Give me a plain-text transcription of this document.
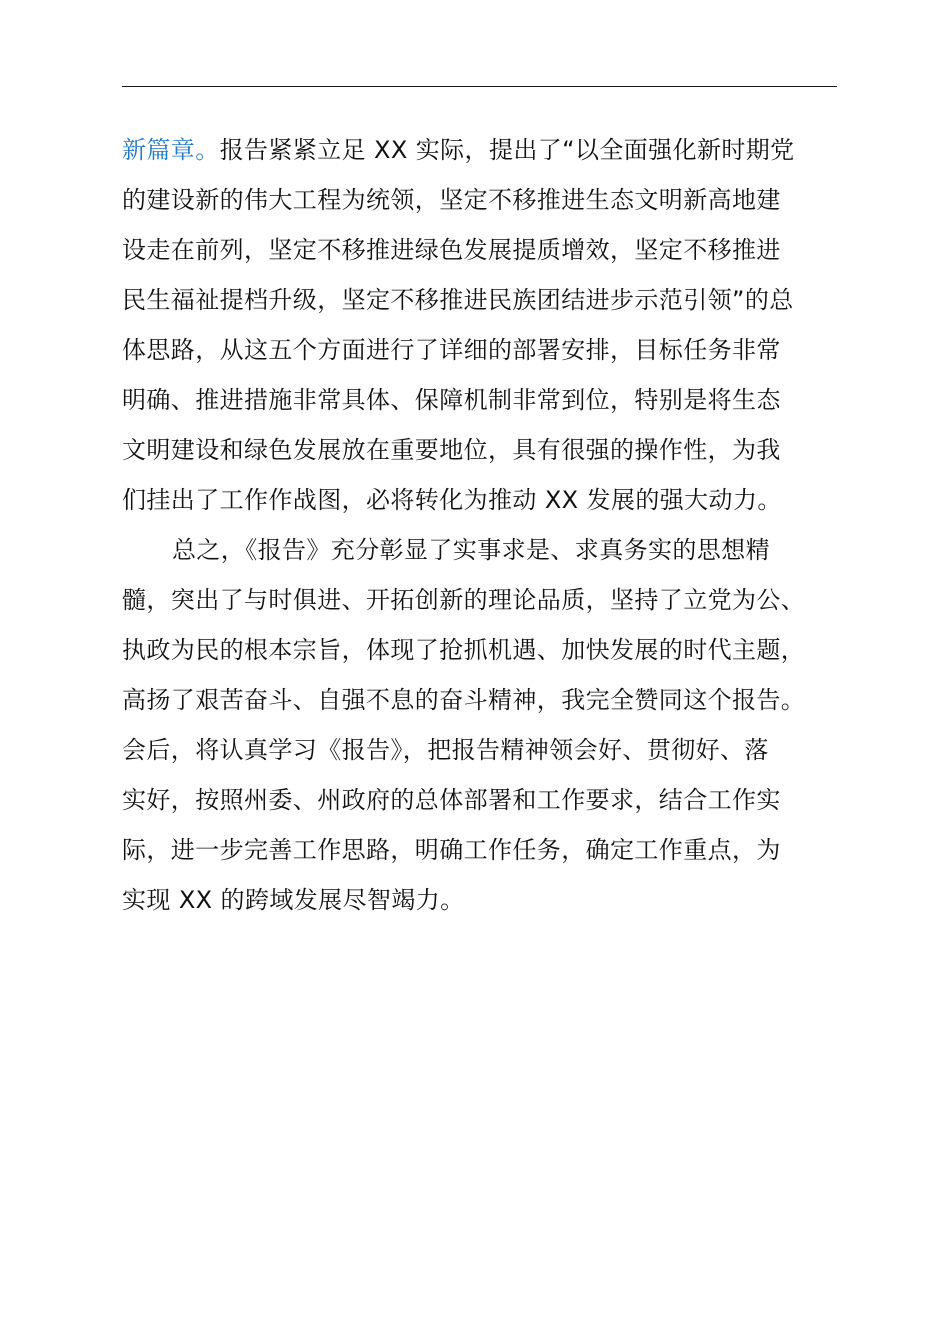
新篇章。报告紧紧立足 XX 实际，提出了“以全面强化新时期党
的建设新的伟大工程为统领，坚定不移推进生态文明新高地建
设走在前列，坚定不移推进绿色发展提质增效，坚定不移推进
民生福祉提档升级，坚定不移推进民族团结进步示范引领”的总
体思路，从这五个方面进行了详细的部署安排，目标任务非常
明确、推进措施非常具体、保障机制非常到位，特别是将生态
文明建设和绿色发展放在重要地位，具有很强的操作性，为我
们挂出了工作作战图，必将转化为推动 XX 发展的强大动力。
总之，《报告》充分彰显了实事求是、求真务实的思想精
髓，突出了与时俱进、开拓创新的理论品质，坚持了立党为公、
执政为民的根本宗旨，体现了抢抓机遇、加快发展的时代主题，
高扬了艰苦奋斗、自强不息的奋斗精神，我完全赞同这个报告。
会后，将认真学习《报告》，把报告精神领会好、贯彻好、落
实好，按照州委、州政府的总体部署和工作要求，结合工作实
际，进一步完善工作思路，明确工作任务，确定工作重点，为
实现 XX 的跨域发展尽智竭力。
